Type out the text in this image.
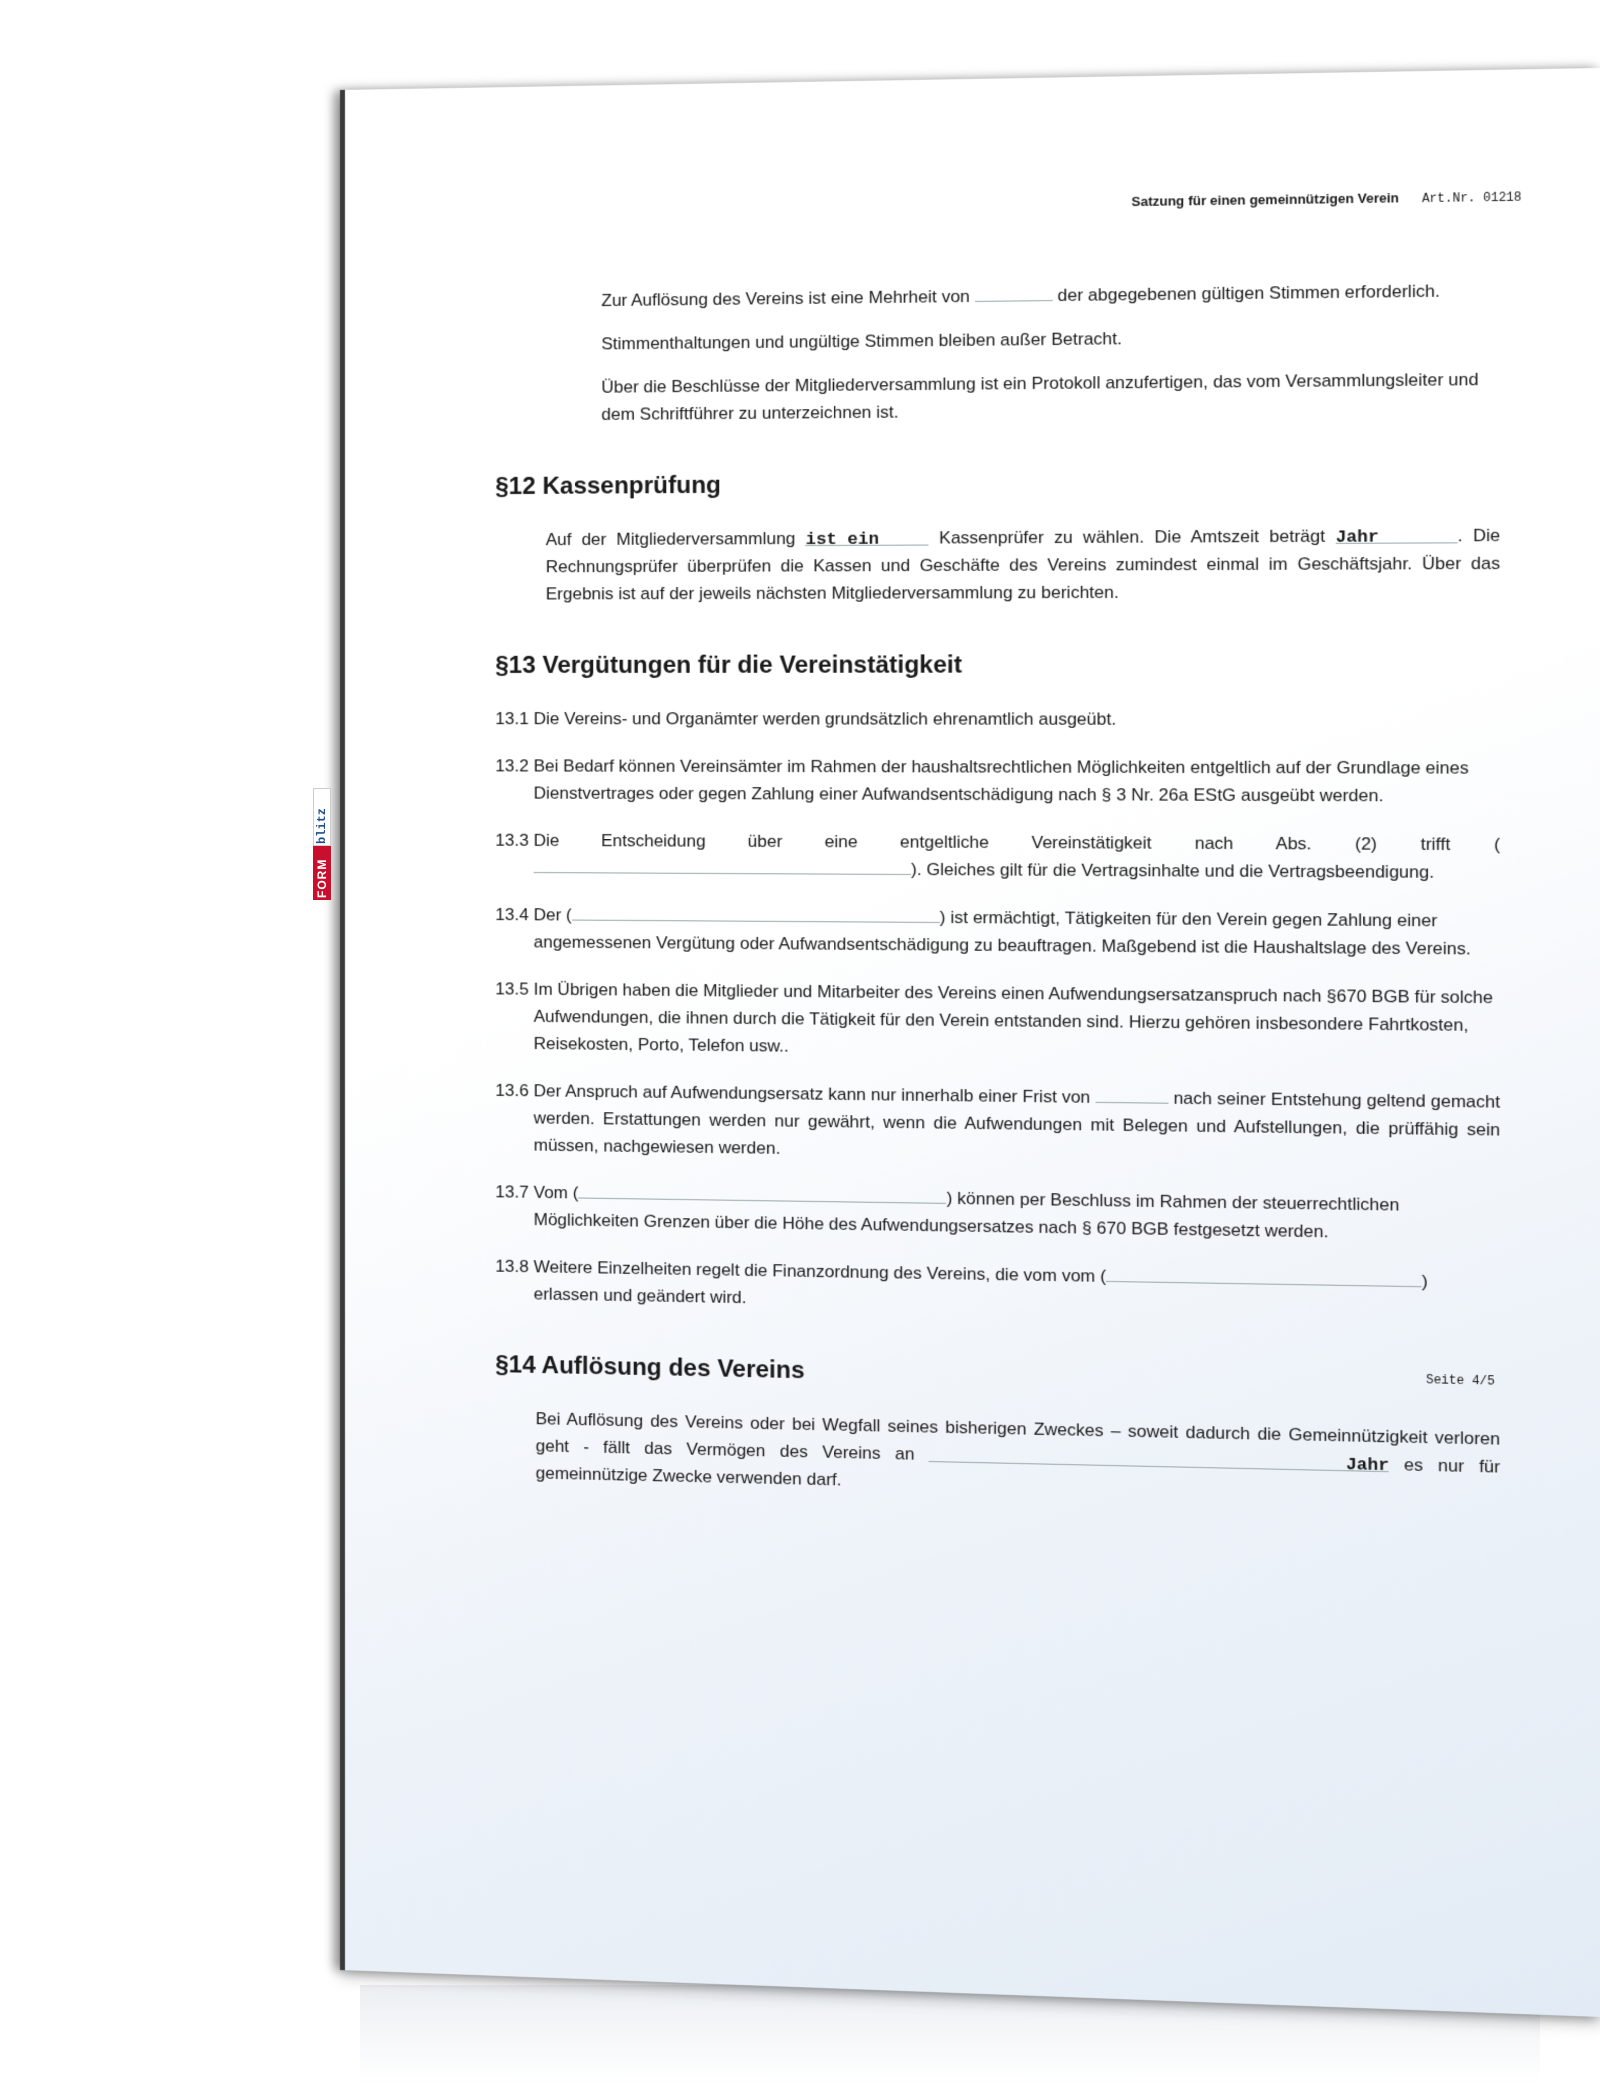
Satzung für einen gemeinnützigen Verein Art.Nr. 01218

Zur Auflösung des Vereins ist eine Mehrheit von	der abgegebenen gültigen Stimmen erforderlich.

Stimmenthaltungen und ungültige Stimmen bleiben außer Betracht.

Über die Beschlüsse der Mitgliederversammlung ist ein Protokoll anzufertigen, das vom Versammlungsleiter und dem Schriftführer zu unterzeichnen ist.

§12 Kassenprüfung

Auf der Mitgliederversammlung ist ein	Kassenprüfer zu wählen. Die Amtszeit beträgt Jahr	. Die Rechnungsprüfer überprüfen die Kassen und Geschäfte des Vereins zumindest einmal im Geschäftsjahr. Über das Ergebnis ist auf der jeweils nächsten Mitgliederversammlung zu berichten.

§13 Vergütungen für die Vereinstätigkeit
13.1 Die Vereins- und Organämter werden grundsätzlich ehrenamtlich ausgeübt.
13.2 Bei Bedarf können Vereinsämter im Rahmen der haushaltsrechtlichen Möglichkeiten entgeltlich auf der Grundlage eines Dienstvertrages oder gegen Zahlung einer Aufwandsentschädigung nach § 3 Nr. 26a EStG ausgeübt werden.
13.3 Die Entscheidung über eine entgeltliche Vereinstätigkeit nach Abs. (2) trifft (). Gleiches gilt für die Vertragsinhalte und die Vertragsbeendigung.
13.4 Der (	) ist ermächtigt, Tätigkeiten für den Verein gegen Zahlung einer angemessenen Vergütung oder Aufwandsentschädigung zu beauftragen. Maßgebend ist die Haushaltslage des Vereins.
13.5 Im Übrigen haben die Mitglieder und Mitarbeiter des Vereins einen Aufwendungsersatzanspruch nach §670 BGB für solche Aufwendungen, die ihnen durch die Tätigkeit für den Verein entstanden sind. Hierzu gehören insbesondere Fahrtkosten, Reisekosten, Porto, Telefon usw..
13.6 Der Anspruch auf Aufwendungsersatz kann nur innerhalb einer Frist von	nach seiner Entstehung geltend gemacht werden. Erstattungen werden nur gewährt, wenn die Aufwendungen mit Belegen und Aufstellungen, die prüffähig sein müssen, nachgewiesen werden.
13.7 Vom (	) können per Beschluss im Rahmen der steuerrechtlichen Möglichkeiten Grenzen über die Höhe des Aufwendungsersatzes nach § 670 BGB festgesetzt werden.
13.8 Weitere Einzelheiten regelt die Finanzordnung des Vereins, die vom vom (	) erlassen und geändert wird.
§14 Auflösung des Vereins

Bei Auflösung des Vereins oder bei Wegfall seines bisherigen Zweckes – soweit dadurch die Gemeinnützigkeit verloren geht - fällt das Vermögen des Vereins an Jahr es nur für gemeinnützige Zwecke verwenden darf.

Seite 4/5
FORM
blitz
